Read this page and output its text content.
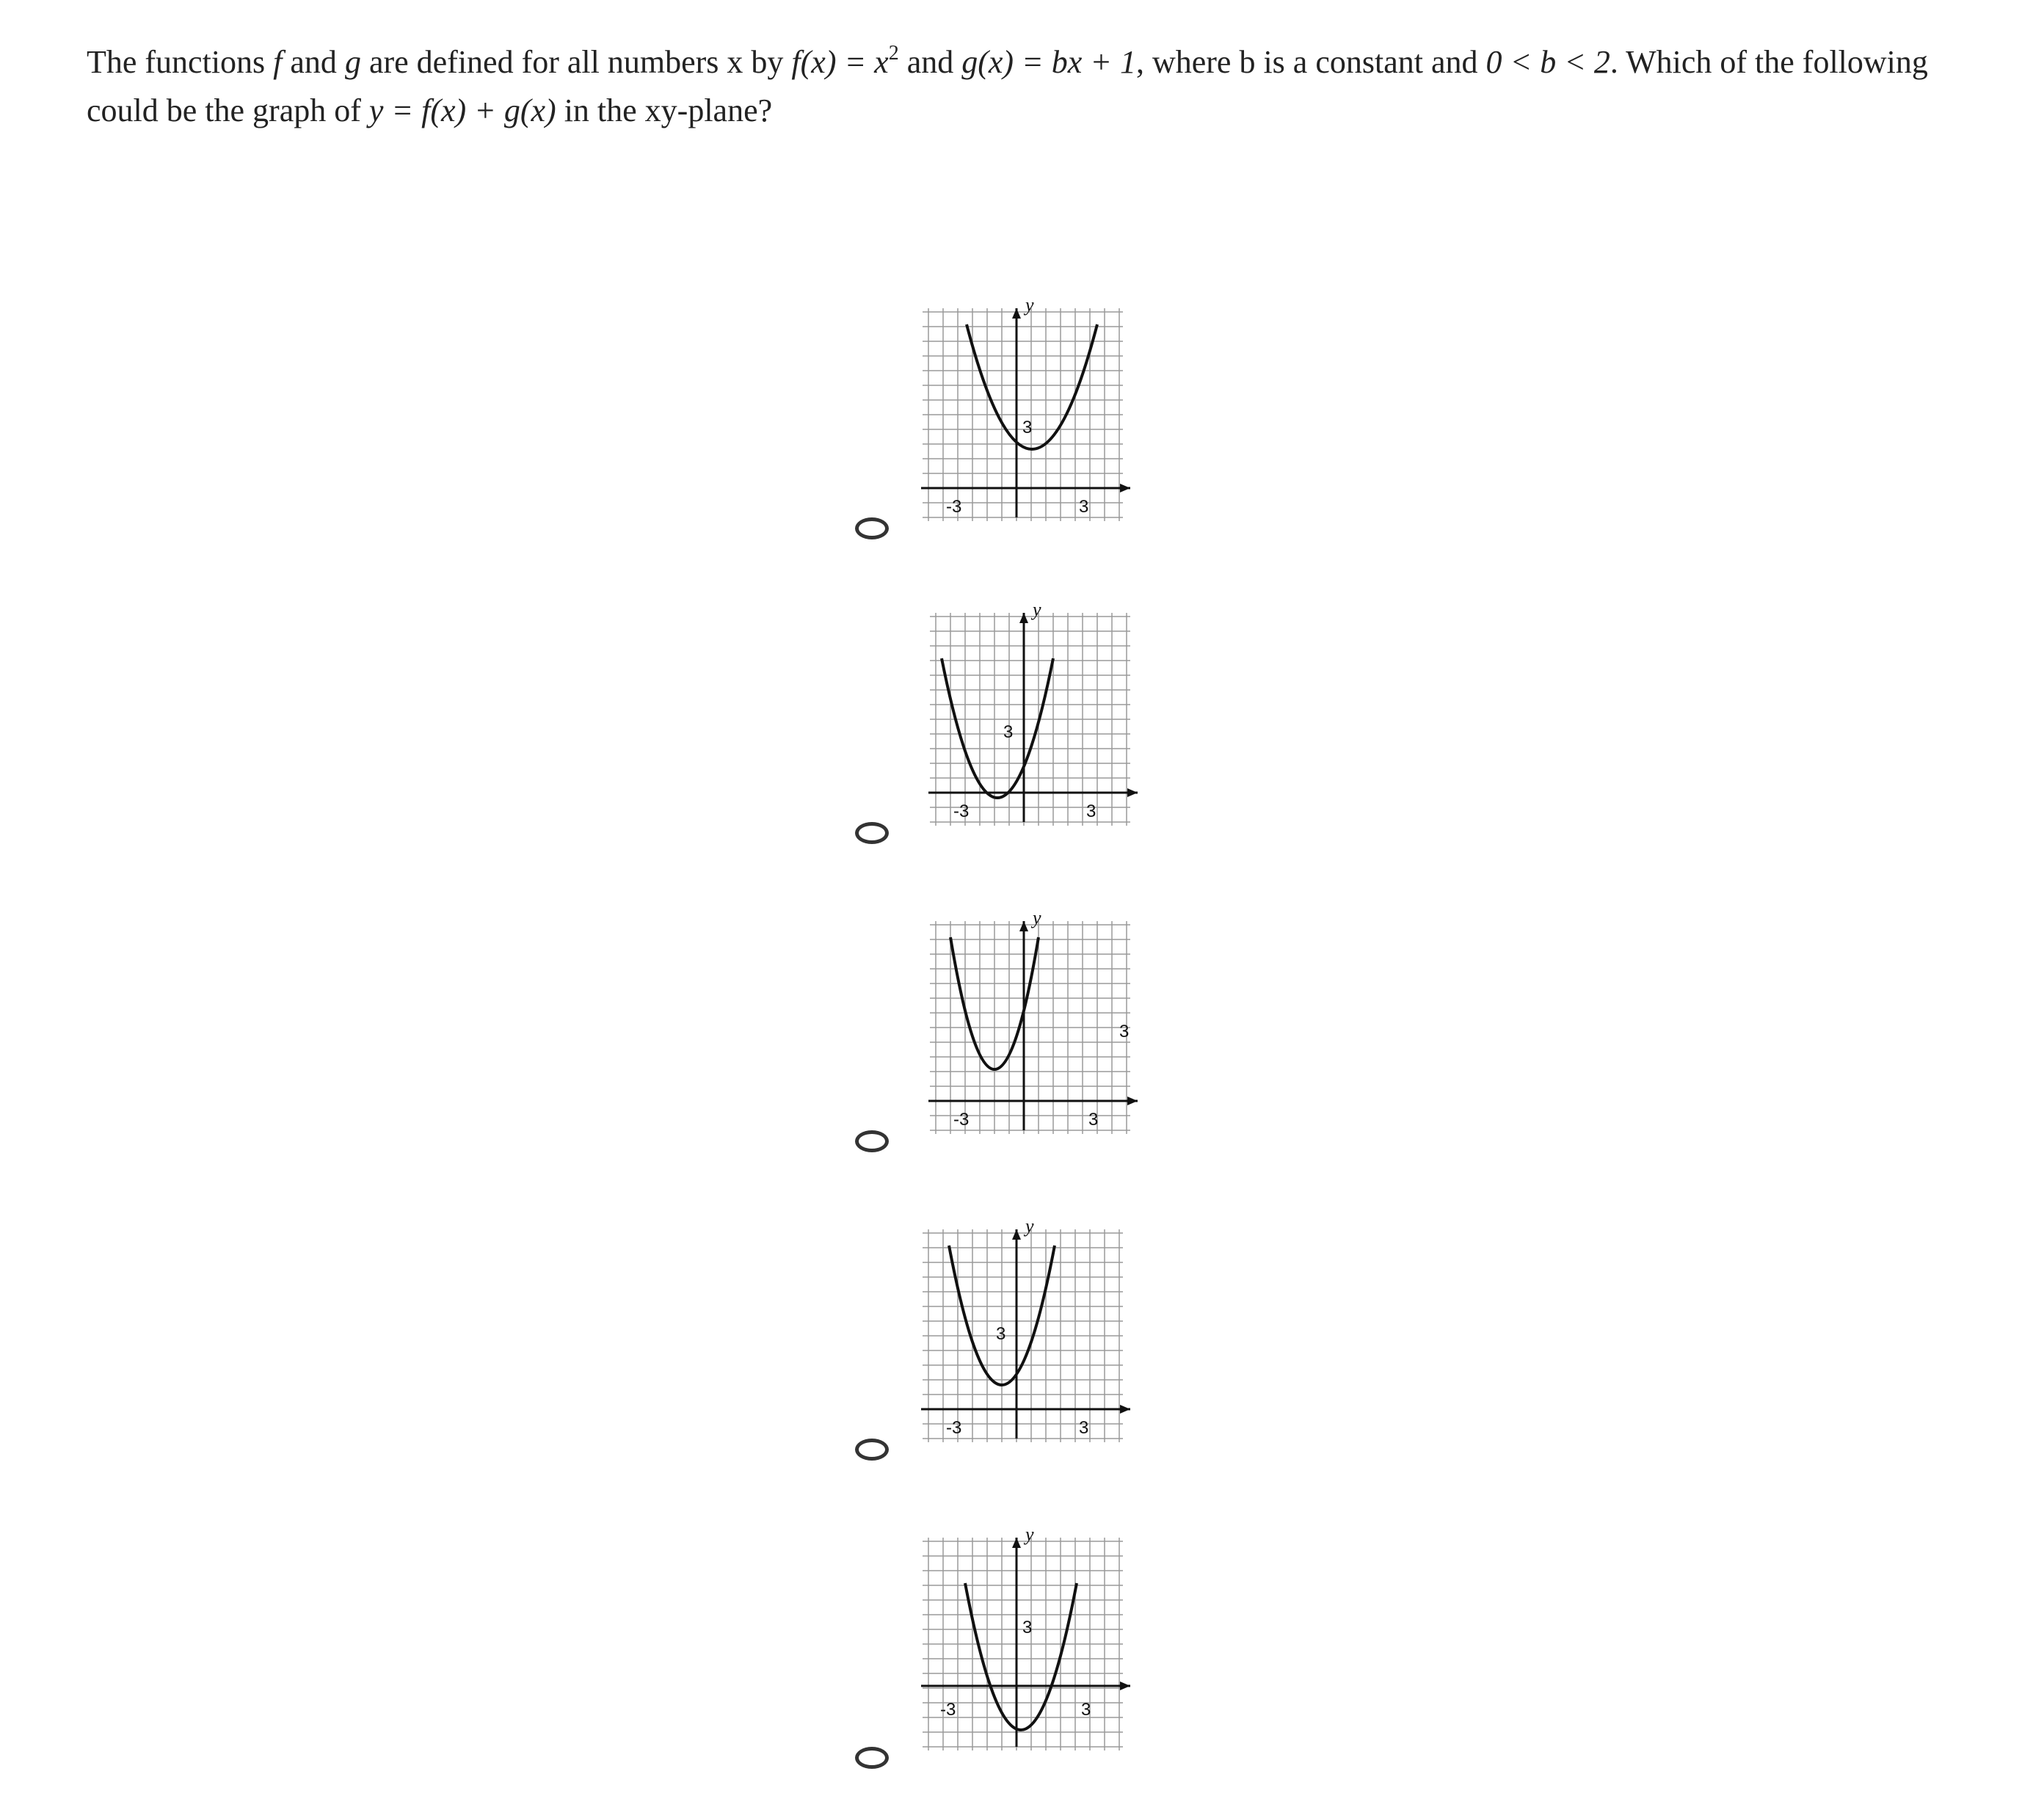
The functions f and g are defined for all numbers x by $f(x) = x^2$ and g(x) = bx + 1, where b is a constant and 0 < b < 2. Which of the following could be the graph of y = f(x) + g(x) in the xy-plane?
y
-3	3
3
y
-3	3
3
y
-3	3
3
y
-3	3
3
y
-3	3
3
